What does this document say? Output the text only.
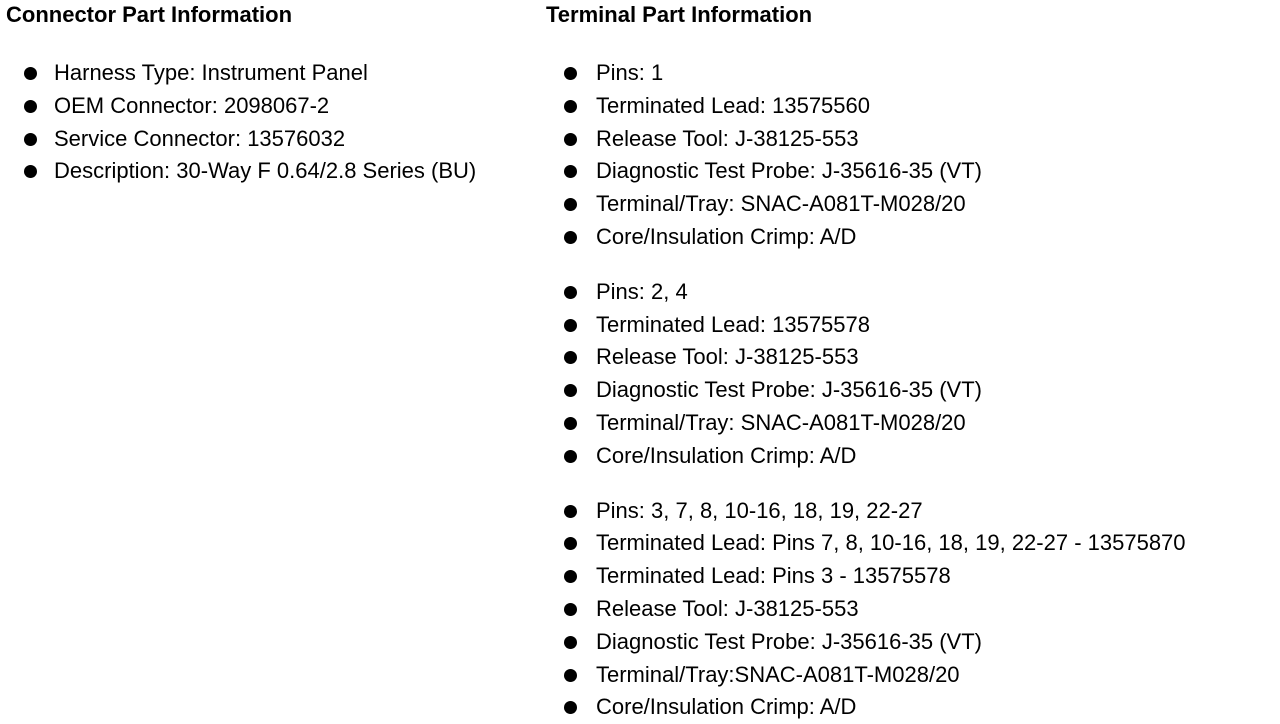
Connector Part Information
Harness Type: Instrument Panel
OEM Connector: 2098067-2
Service Connector: 13576032
Description: 30-Way F 0.64/2.8 Series (BU)
Terminal Part Information
Pins: 1
Terminated Lead: 13575560
Release Tool: J-38125-553
Diagnostic Test Probe: J-35616-35 (VT)
Terminal/Tray: SNAC-A081T-M028/20
Core/Insulation Crimp: A/D
Pins: 2, 4
Terminated Lead: 13575578
Release Tool: J-38125-553
Diagnostic Test Probe: J-35616-35 (VT)
Terminal/Tray: SNAC-A081T-M028/20
Core/Insulation Crimp: A/D
Pins: 3, 7, 8, 10-16, 18, 19, 22-27
Terminated Lead: Pins 7, 8, 10-16, 18, 19, 22-27 - 13575870
Terminated Lead: Pins 3 - 13575578
Release Tool: J-38125-553
Diagnostic Test Probe: J-35616-35 (VT)
Terminal/Tray:SNAC-A081T-M028/20
Core/Insulation Crimp: A/D
